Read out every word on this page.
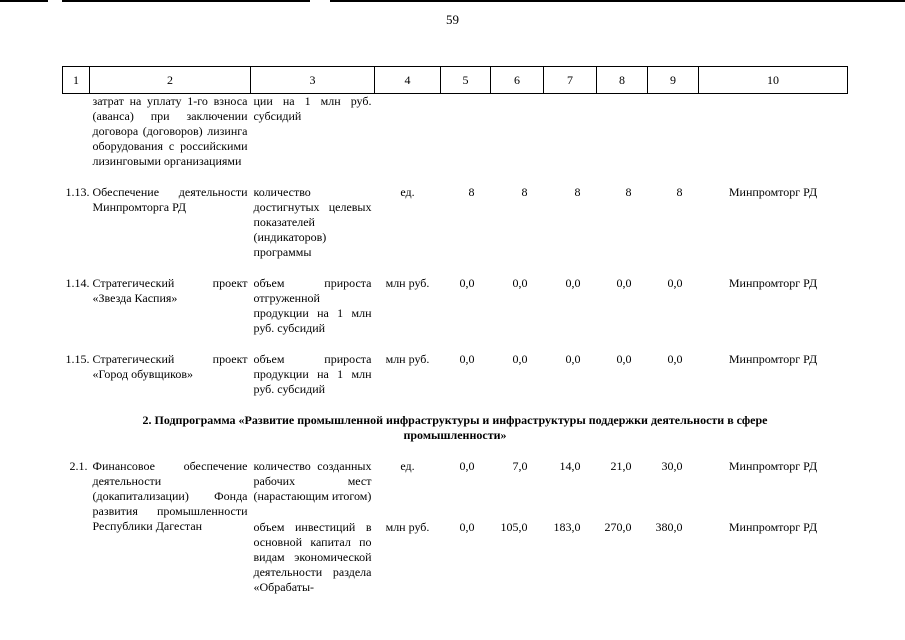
59
1	2	3	4	5	6	7	8	9	10
	затрат на уплату 1-го взноса (аванса) при заключении договора (договоров) лизинга оборудования с российскими лизинговыми организациями	ции на 1 млн руб. субсидий							

1.13.	Обеспечение деятельности Минпромторга РД	количество достигнутых целевых показателей (индикаторов) программы	ед.	8	8	8	8	8	Минпромторг РД

1.14.	Стратегический проект «Звезда Каспия»	объем прироста отгруженной продукции на 1 млн руб. субсидий	млн руб.	0,0	0,0	0,0	0,0	0,0	Минпромторг РД

1.15.	Стратегический проект «Город обувщиков»	объем прироста продукции на 1 млн руб. субсидий	млн руб.	0,0	0,0	0,0	0,0	0,0	Минпромторг РД

2. Подпрограмма «Развитие промышленной инфраструктуры и инфраструктуры поддержки деятельности в сфере промышленности»									

2.1.	Финансовое обеспечение деятельности (докапитализации) Фонда развития промышленности Республики Дагестан	количество созданных рабочих мест (нарастающим итогом)	ед.	0,0	7,0	14,0	21,0	30,0	Минпромторг РД

		объем инвестиций в основной капитал по видам экономической деятельности раздела «Обрабаты-	млн руб.	0,0	105,0	183,0	270,0	380,0	Минпромторг РД
